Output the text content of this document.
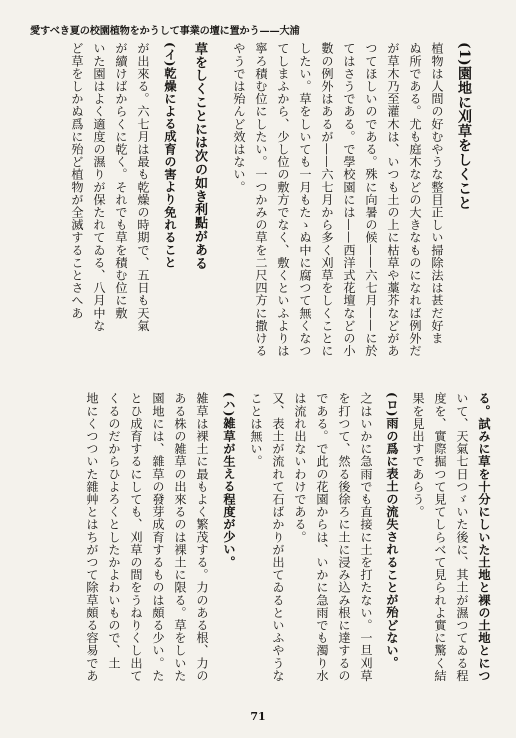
愛すべき夏の校園植物をかうして事業の壇に置かう——大浦
(1)園地に刈草をしくこと
植物は人間の好むやうな整目正しい掃除法は甚だ好ま
ぬ所である。尤も庭木などの大きなものになれば例外だ
が草木乃至灌木は、いつも土の上に枯草や藁芥などがあ
つてほしいのである。殊に向暑の候——六七月——に於
てはさうである。で學校園には——西洋式花壇などの小
數の例外はあるが——六七月から多く刈草をしくことに
したい。草をしいても一月もたゝぬ中に腐つて無くなつ
てしまふから、少し位の敷方でなく、敷くといふよりは
寧ろ積む位にしたい。一つかみの草を二尺四方に撒ける
やうでは殆んど效はない。
草をしくことには次の如き利點がある
(イ)乾燥による成育の害より免れること
が出來る。六七月は最も乾燥の時期で、五日も天氣
が續けばからくに乾く。それでも草を積む位に敷
いた園はよく適度の濕りが保たれてゐる、八月中な
ど草をしかぬ爲に殆ど植物が全滅することさへあ
る。試みに草を十分にしいた土地と裸の土地とにつ
いて、天氣七日つゞいた後に、其土が濕つてゐる程
度を、實際掘つて見てしらべて見られよ實に驚く結
果を見出すであらう。
(ロ)雨の爲に表土の流失されることが殆どない。
之はいかに急雨でも直接に土を打たない。一旦刈草
を打つて、然る後徐ろに土に浸み込み根に達するの
である。で此の花園からは、いかに急雨でも濁り水
は流れ出ないわけである。
又、表土が流れて石ばかりが出てゐるといふやうな
ことは無い。
(ハ)雑草が生える程度が少い。
雑草は裸土に最もよく繁茂する。力のある根、力の
ある株の雑草の出來るのは裸土に限る。草をしいた
園地には、雜草の發芽成育するものは頗る少い。た
とひ成育するにしても、刈草の間をうねりくし出て
くるのだからひよろくとしたかよわいもので、土
地にくつついた雜艸とはちがつて除草頗る容易であ
71
